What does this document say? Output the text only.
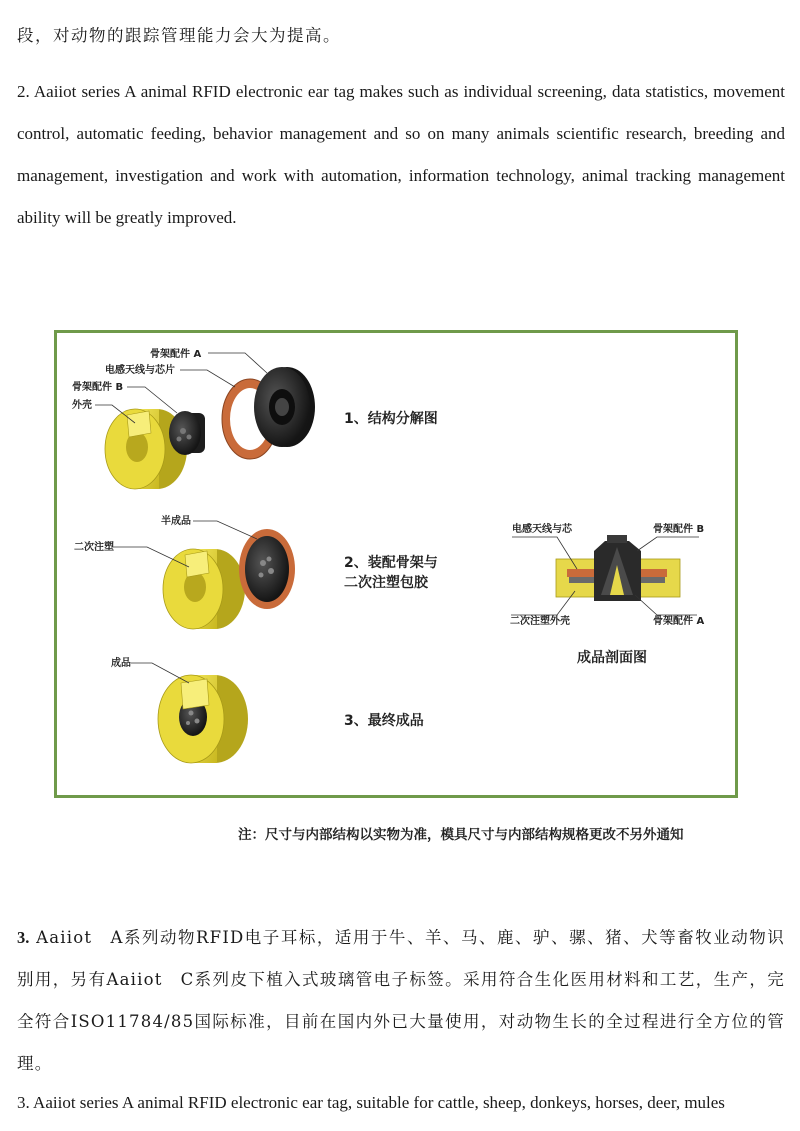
段，对动物的跟踪管理能力会大为提高。

2. Aaiiot series A animal RFID electronic ear tag makes such as individual screening, data statistics, movement control, automatic feeding, behavior management and so on many animals scientific research, breeding and management, investigation and work with automation, information technology, animal tracking management ability will be greatly improved.

骨架配件 A
电感天线与芯片
骨架配件 B
外壳
1、结构分解图
半成品
二次注塑
2、装配骨架与
二次注塑包胶
成品
3、最终成品
电感天线与芯	骨架配件 B
二次注塑外壳	骨架配件 A
成品剖面图

注：尺寸与内部结构以实物为准，模具尺寸与内部结构规格更改不另外通知

3. Aaiiot　A系列动物RFID电子耳标，适用于牛、羊、马、鹿、驴、骡、猪、犬等畜牧业动物识别用，另有Aaiiot　C系列皮下植入式玻璃管电子标签。采用符合生化医用材料和工艺，生产，完全符合ISO11784/85国际标准，目前在国内外已大量使用，对动物生长的全过程进行全方位的管理。

3. Aaiiot series A animal RFID electronic ear tag, suitable for cattle, sheep, donkeys, horses, deer, mules
